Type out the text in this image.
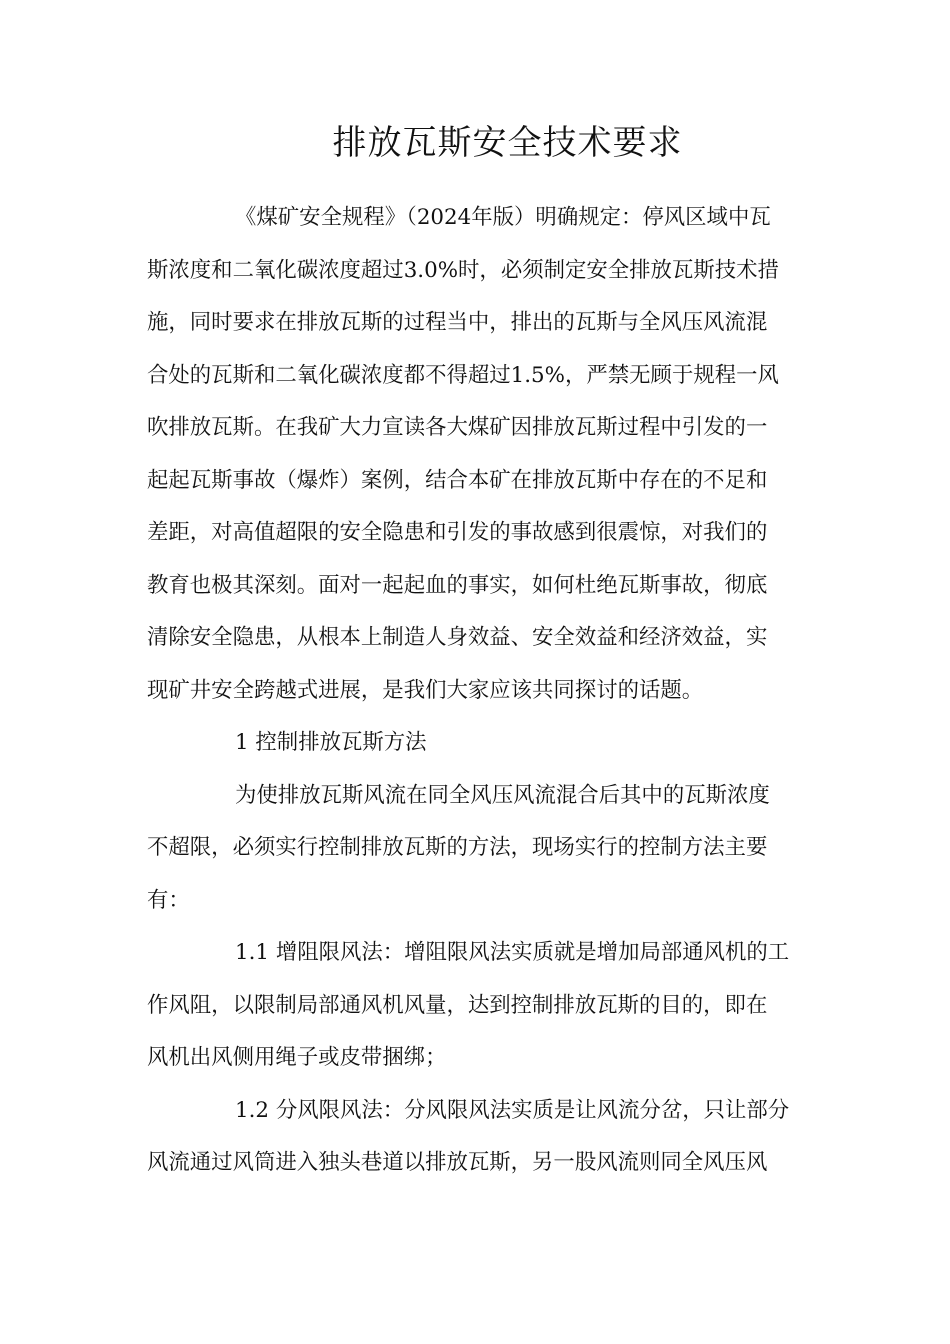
排放瓦斯安全技术要求
《煤矿安全规程》（2024年版）明确规定：停风区域中瓦
斯浓度和二氧化碳浓度超过3.0%时，必须制定安全排放瓦斯技术措
施，同时要求在排放瓦斯的过程当中，排出的瓦斯与全风压风流混
合处的瓦斯和二氧化碳浓度都不得超过1.5%，严禁无顾于规程一风
吹排放瓦斯。在我矿大力宣读各大煤矿因排放瓦斯过程中引发的一
起起瓦斯事故（爆炸）案例，结合本矿在排放瓦斯中存在的不足和
差距，对高值超限的安全隐患和引发的事故感到很震惊，对我们的
教育也极其深刻。面对一起起血的事实，如何杜绝瓦斯事故，彻底
清除安全隐患，从根本上制造人身效益、安全效益和经济效益，实
现矿井安全跨越式进展，是我们大家应该共同探讨的话题。
1 控制排放瓦斯方法
为使排放瓦斯风流在同全风压风流混合后其中的瓦斯浓度
不超限，必须实行控制排放瓦斯的方法，现场实行的控制方法主要
有：
1.1 增阻限风法：增阻限风法实质就是增加局部通风机的工
作风阻，以限制局部通风机风量，达到控制排放瓦斯的目的，即在
风机出风侧用绳子或皮带捆绑；
1.2 分风限风法：分风限风法实质是让风流分岔，只让部分
风流通过风筒进入独头巷道以排放瓦斯，另一股风流则同全风压风
